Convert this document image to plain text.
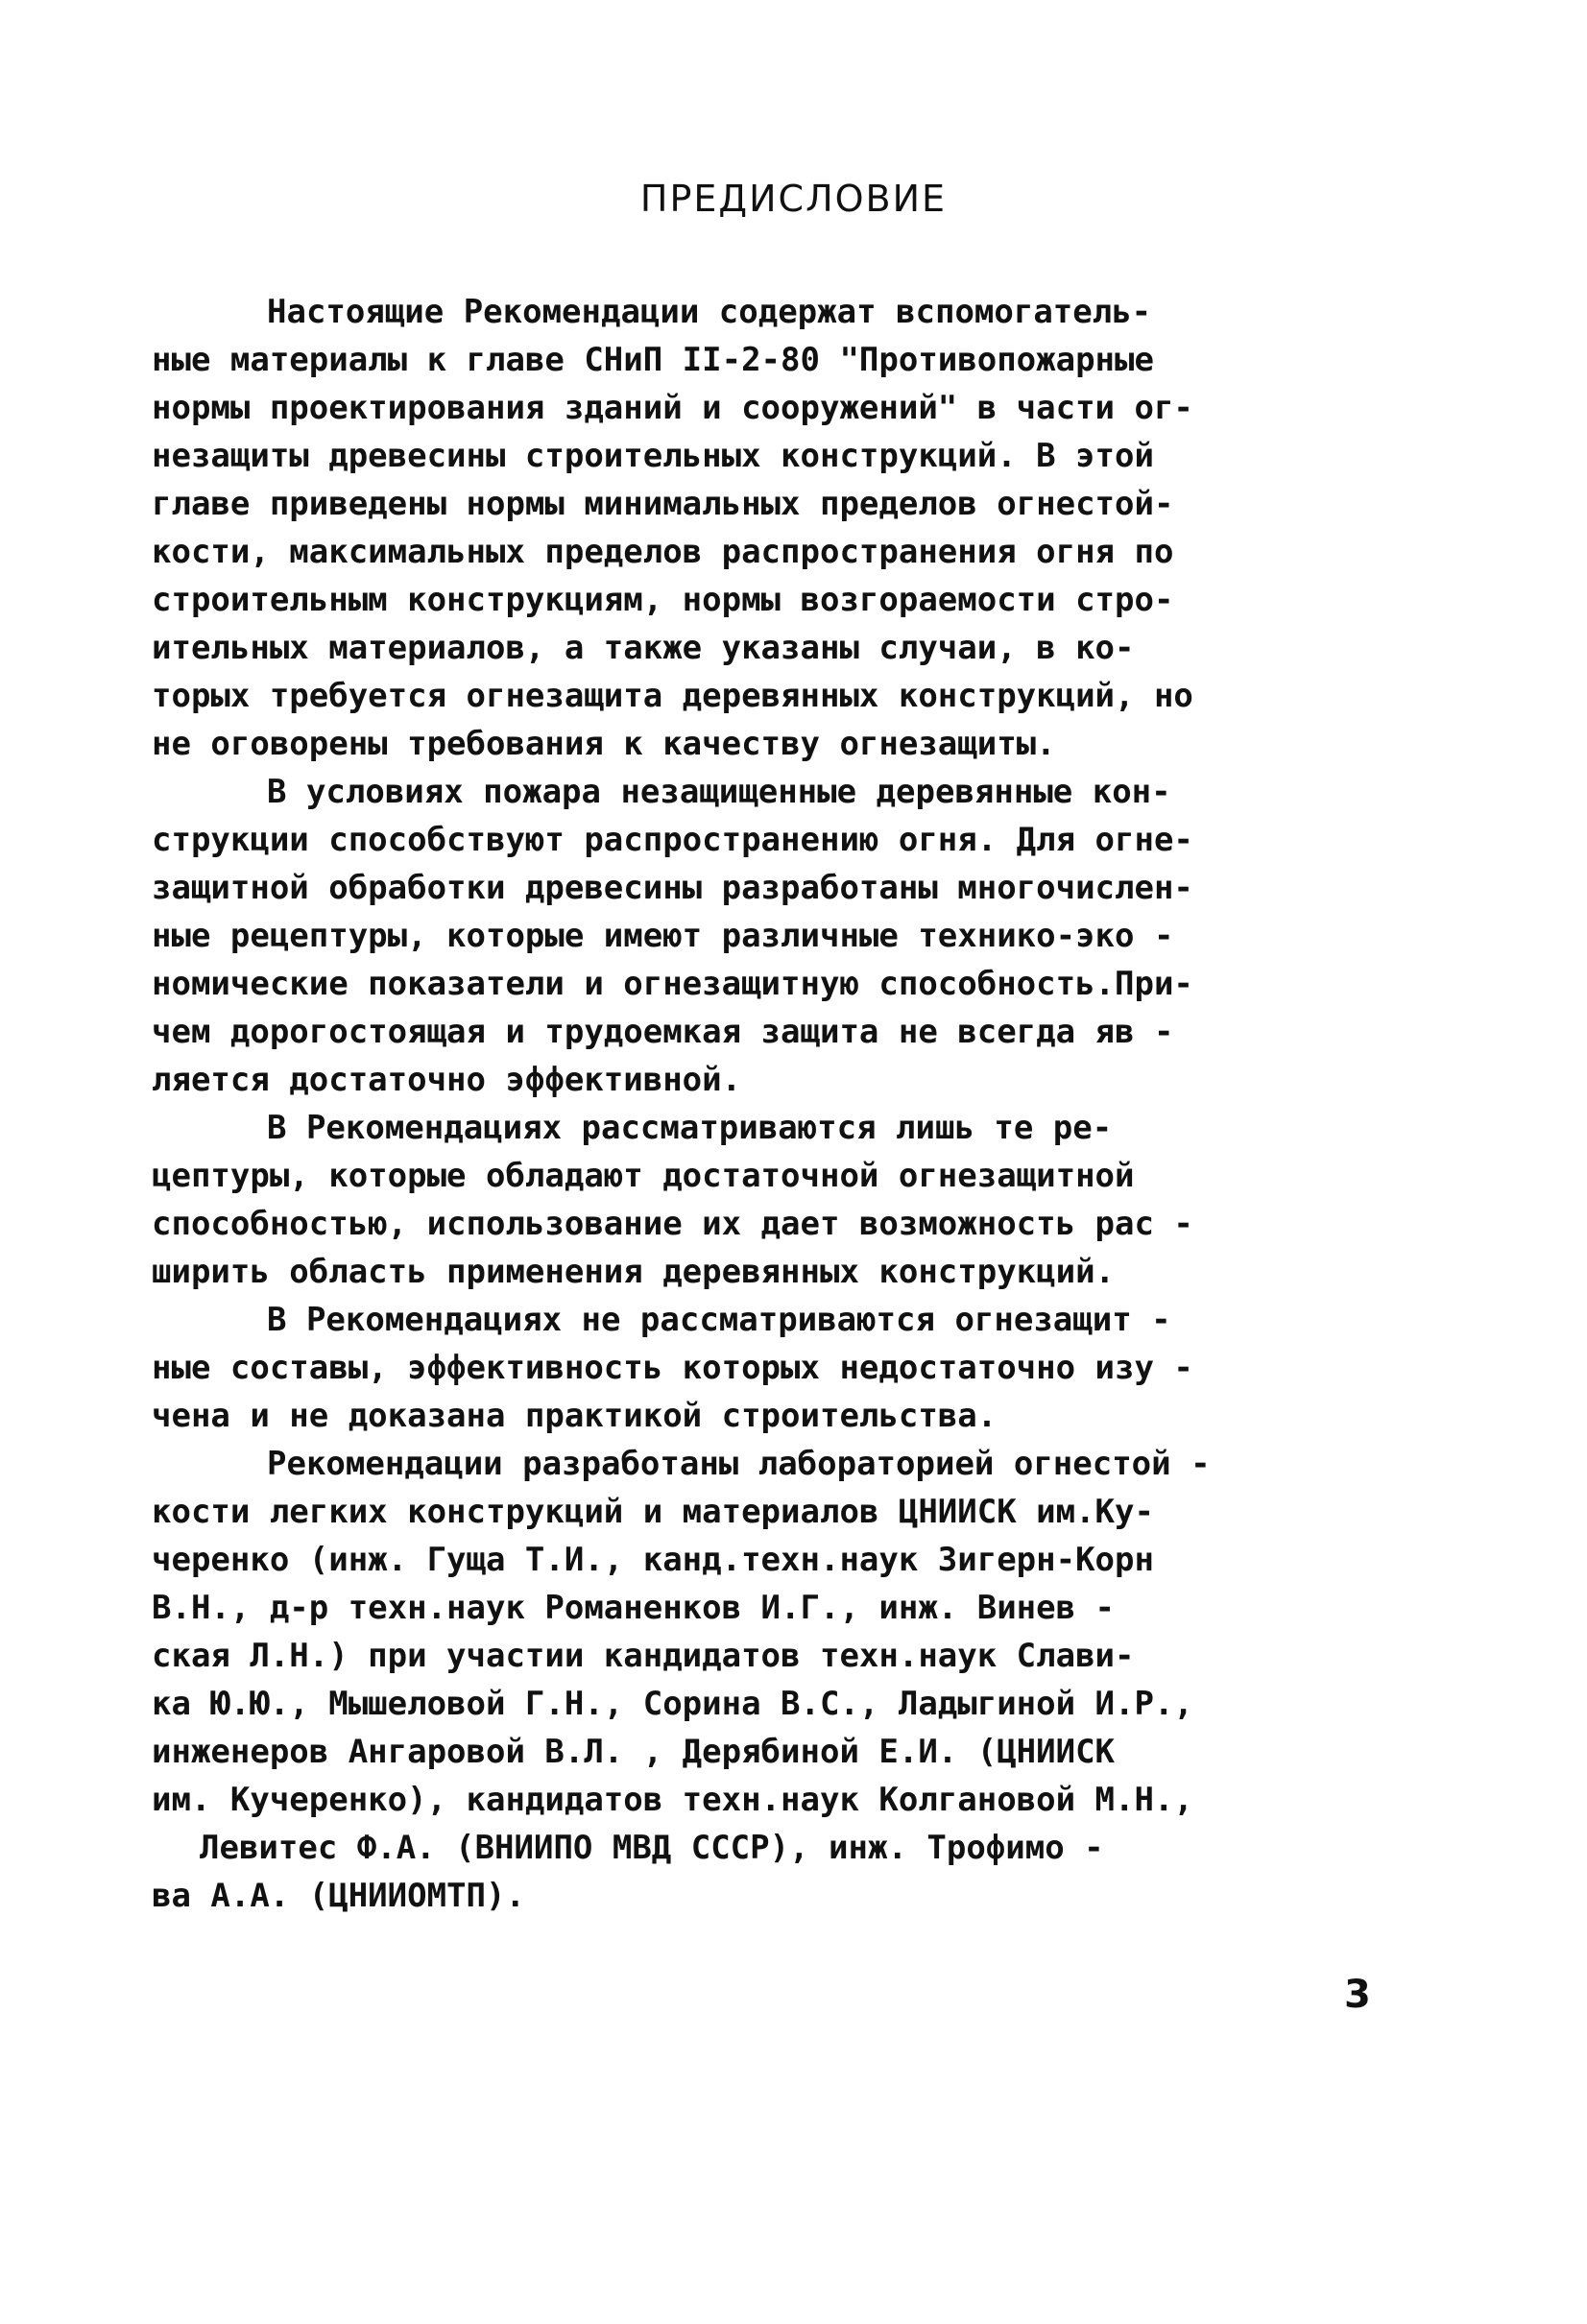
ПРЕДИСЛОВИЕ
Настоящие Рекомендации содержат вспомогатель-
ные материалы к главе СНиП II-2-80 "Противопожарные
нормы проектирования зданий и сооружений" в части ог-
незащиты древесины строительных конструкций. В этой
главе приведены нормы минимальных пределов огнестой-
кости, максимальных пределов распространения огня по
строительным конструкциям, нормы возгораемости стро-
ительных материалов, а также указаны случаи, в ко-
торых требуется огнезащита деревянных конструкций, но
не оговорены требования к качеству огнезащиты.
В условиях пожара незащищенные деревянные кон-
струкции способствуют распространению огня. Для огне-
защитной обработки древесины разработаны многочислен-
ные рецептуры, которые имеют различные технико-эко -
номические показатели и огнезащитную способность.При-
чем дорогостоящая и трудоемкая защита не всегда яв -
ляется достаточно эффективной.
В Рекомендациях рассматриваются лишь те ре-
цептуры, которые обладают достаточной огнезащитной
способностью, использование их дает возможность рас -
ширить область применения деревянных конструкций.
В Рекомендациях не рассматриваются огнезащит -
ные составы, эффективность которых недостаточно изу -
чена и не доказана практикой строительства.
Рекомендации разработаны лабораторией огнестой -
кости легких конструкций и материалов ЦНИИСК им.Ку-
черенко (инж. Гуща Т.И., канд.техн.наук Зигерн-Корн
В.Н., д-р техн.наук Романенков И.Г., инж. Винев -
ская Л.Н.) при участии кандидатов техн.наук Слави-
ка Ю.Ю., Мышеловой Г.Н., Сорина В.С., Ладыгиной И.Р.,
инженеров Ангаровой В.Л. , Дерябиной Е.И. (ЦНИИСК
им. Кучеренко), кандидатов техн.наук Колгановой М.Н.,
Левитес Ф.А. (ВНИИПО МВД СССР), инж. Трофимо -
ва А.А. (ЦНИИОМТП).
3
